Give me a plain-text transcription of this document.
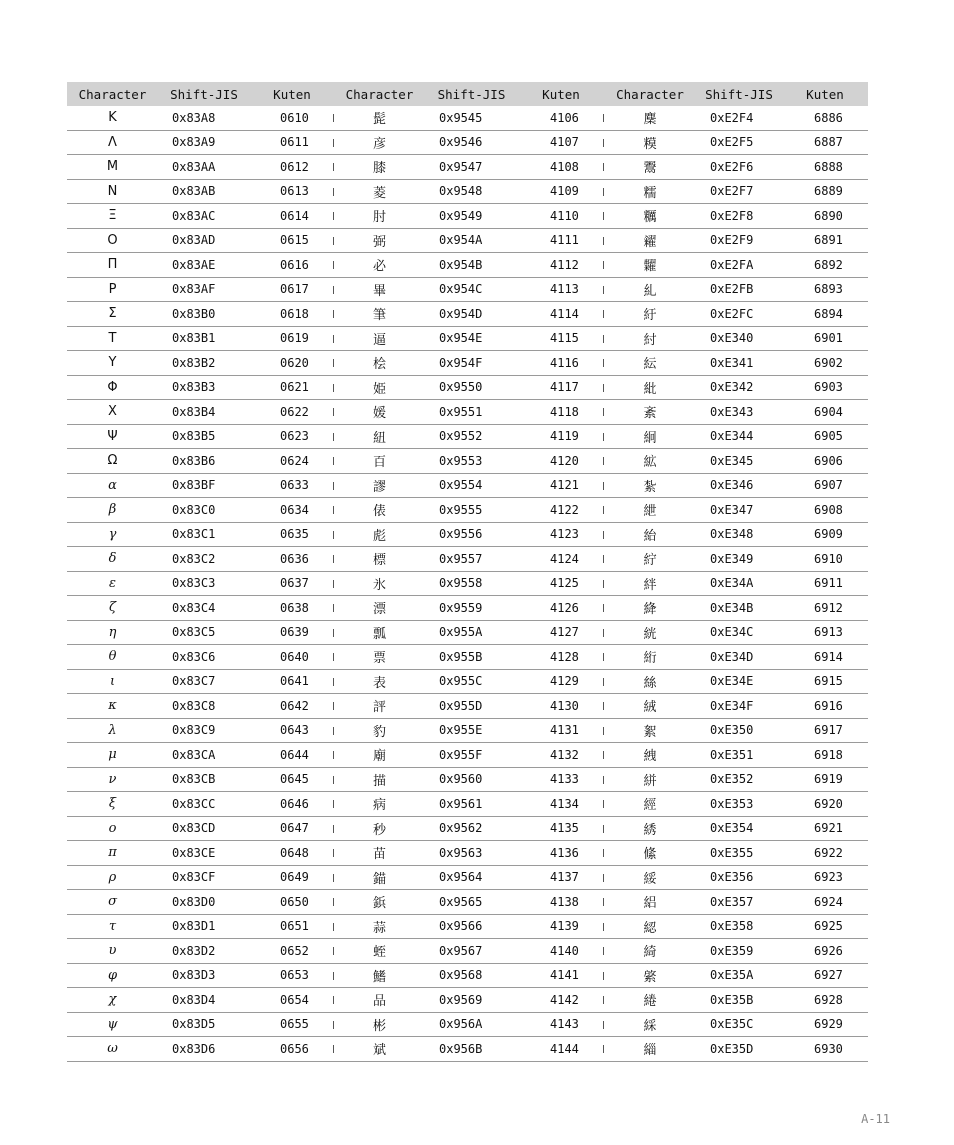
Character	Shift-JIS	Kuten	Character	Shift-JIS	Kuten	Character	Shift-JIS	Kuten
Κ	0x83A8	0610	髭	0x9545	4106	麇	0xE2F4	6886
Λ	0x83A9	0611	彦	0x9546	4107	糢	0xE2F5	6887
Μ	0x83AA	0612	膝	0x9547	4108	鬻	0xE2F6	6888
Ν	0x83AB	0613	菱	0x9548	4109	糯	0xE2F7	6889
Ξ	0x83AC	0614	肘	0x9549	4110	糲	0xE2F8	6890
Ο	0x83AD	0615	弼	0x954A	4111	糴	0xE2F9	6891
Π	0x83AE	0616	必	0x954B	4112	糶	0xE2FA	6892
Ρ	0x83AF	0617	畢	0x954C	4113	糺	0xE2FB	6893
Σ	0x83B0	0618	筆	0x954D	4114	紆	0xE2FC	6894
Τ	0x83B1	0619	逼	0x954E	4115	紂	0xE340	6901
Υ	0x83B2	0620	桧	0x954F	4116	紜	0xE341	6902
Φ	0x83B3	0621	姫	0x9550	4117	紕	0xE342	6903
Χ	0x83B4	0622	媛	0x9551	4118	紊	0xE343	6904
Ψ	0x83B5	0623	紐	0x9552	4119	絅	0xE344	6905
Ω	0x83B6	0624	百	0x9553	4120	絋	0xE345	6906
α	0x83BF	0633	謬	0x9554	4121	紮	0xE346	6907
β	0x83C0	0634	俵	0x9555	4122	紲	0xE347	6908
γ	0x83C1	0635	彪	0x9556	4123	紿	0xE348	6909
δ	0x83C2	0636	標	0x9557	4124	紵	0xE349	6910
ε	0x83C3	0637	氷	0x9558	4125	絆	0xE34A	6911
ζ	0x83C4	0638	漂	0x9559	4126	絳	0xE34B	6912
η	0x83C5	0639	瓢	0x955A	4127	絖	0xE34C	6913
θ	0x83C6	0640	票	0x955B	4128	絎	0xE34D	6914
ι	0x83C7	0641	表	0x955C	4129	絲	0xE34E	6915
κ	0x83C8	0642	評	0x955D	4130	絨	0xE34F	6916
λ	0x83C9	0643	豹	0x955E	4131	絮	0xE350	6917
μ	0x83CA	0644	廟	0x955F	4132	絏	0xE351	6918
ν	0x83CB	0645	描	0x9560	4133	絣	0xE352	6919
ξ	0x83CC	0646	病	0x9561	4134	經	0xE353	6920
ο	0x83CD	0647	秒	0x9562	4135	綉	0xE354	6921
π	0x83CE	0648	苗	0x9563	4136	絛	0xE355	6922
ρ	0x83CF	0649	錨	0x9564	4137	綏	0xE356	6923
σ	0x83D0	0650	鋲	0x9565	4138	絽	0xE357	6924
τ	0x83D1	0651	蒜	0x9566	4139	綛	0xE358	6925
υ	0x83D2	0652	蛭	0x9567	4140	綺	0xE359	6926
φ	0x83D3	0653	鰭	0x9568	4141	綮	0xE35A	6927
χ	0x83D4	0654	品	0x9569	4142	綣	0xE35B	6928
ψ	0x83D5	0655	彬	0x956A	4143	綵	0xE35C	6929
ω	0x83D6	0656	斌	0x956B	4144	緇	0xE35D	6930
A-11
